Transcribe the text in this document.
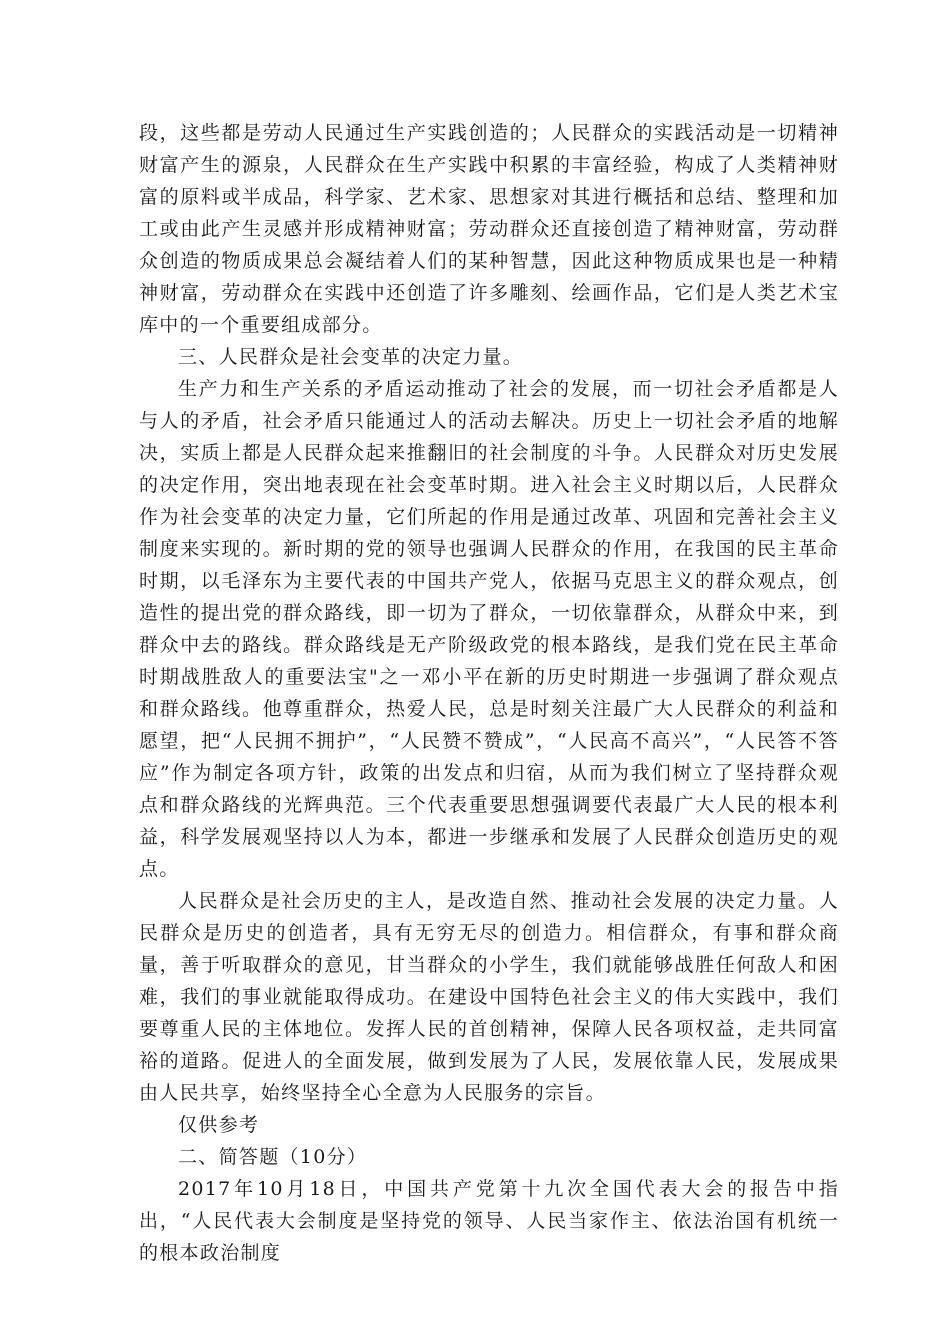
段，这些都是劳动人民通过生产实践创造的；人民群众的实践活动是一切精神财富产生的源泉，人民群众在生产实践中积累的丰富经验，构成了人类精神财富的原料或半成品，科学家、艺术家、思想家对其进行概括和总结、整理和加工或由此产生灵感并形成精神财富；劳动群众还直接创造了精神财富，劳动群众创造的物质成果总会凝结着人们的某种智慧，因此这种物质成果也是一种精神财富，劳动群众在实践中还创造了许多雕刻、绘画作品，它们是人类艺术宝库中的一个重要组成部分。

三、人民群众是社会变革的决定力量。

生产力和生产关系的矛盾运动推动了社会的发展，而一切社会矛盾都是人与人的矛盾，社会矛盾只能通过人的活动去解决。历史上一切社会矛盾的地解决，实质上都是人民群众起来推翻旧的社会制度的斗争。人民群众对历史发展的决定作用，突出地表现在社会变革时期。进入社会主义时期以后，人民群众作为社会变革的决定力量，它们所起的作用是通过改革、巩固和完善社会主义制度来实现的。新时期的党的领导也强调人民群众的作用，在我国的民主革命时期，以毛泽东为主要代表的中国共产党人，依据马克思主义的群众观点，创造性的提出党的群众路线，即一切为了群众，一切依靠群众，从群众中来，到群众中去的路线。群众路线是无产阶级政党的根本路线，是我们党在民主革命时期战胜敌人的重要法宝"之一邓小平在新的历史时期进一步强调了群众观点和群众路线。他尊重群众，热爱人民，总是时刻关注最广大人民群众的利益和愿望，把“人民拥不拥护”，“人民赞不赞成”，“人民高不高兴”，“人民答不答应”作为制定各项方针，政策的出发点和归宿，从而为我们树立了坚持群众观点和群众路线的光辉典范。三个代表重要思想强调要代表最广大人民的根本利益，科学发展观坚持以人为本，都进一步继承和发展了人民群众创造历史的观点。

人民群众是社会历史的主人，是改造自然、推动社会发展的决定力量。人民群众是历史的创造者，具有无穷无尽的创造力。相信群众，有事和群众商量，善于听取群众的意见，甘当群众的小学生，我们就能够战胜任何敌人和困难，我们的事业就能取得成功。在建设中国特色社会主义的伟大实践中，我们要尊重人民的主体地位。发挥人民的首创精神，保障人民各项权益，走共同富裕的道路。促进人的全面发展，做到发展为了人民，发展依靠人民，发展成果由人民共享，始终坚持全心全意为人民服务的宗旨。

仅供参考

二、简答题（10分）

2017年10月18日，中国共产党第十九次全国代表大会的报告中指出，“人民代表大会制度是坚持党的领导、人民当家作主、依法治国有机统一的根本政治制度
